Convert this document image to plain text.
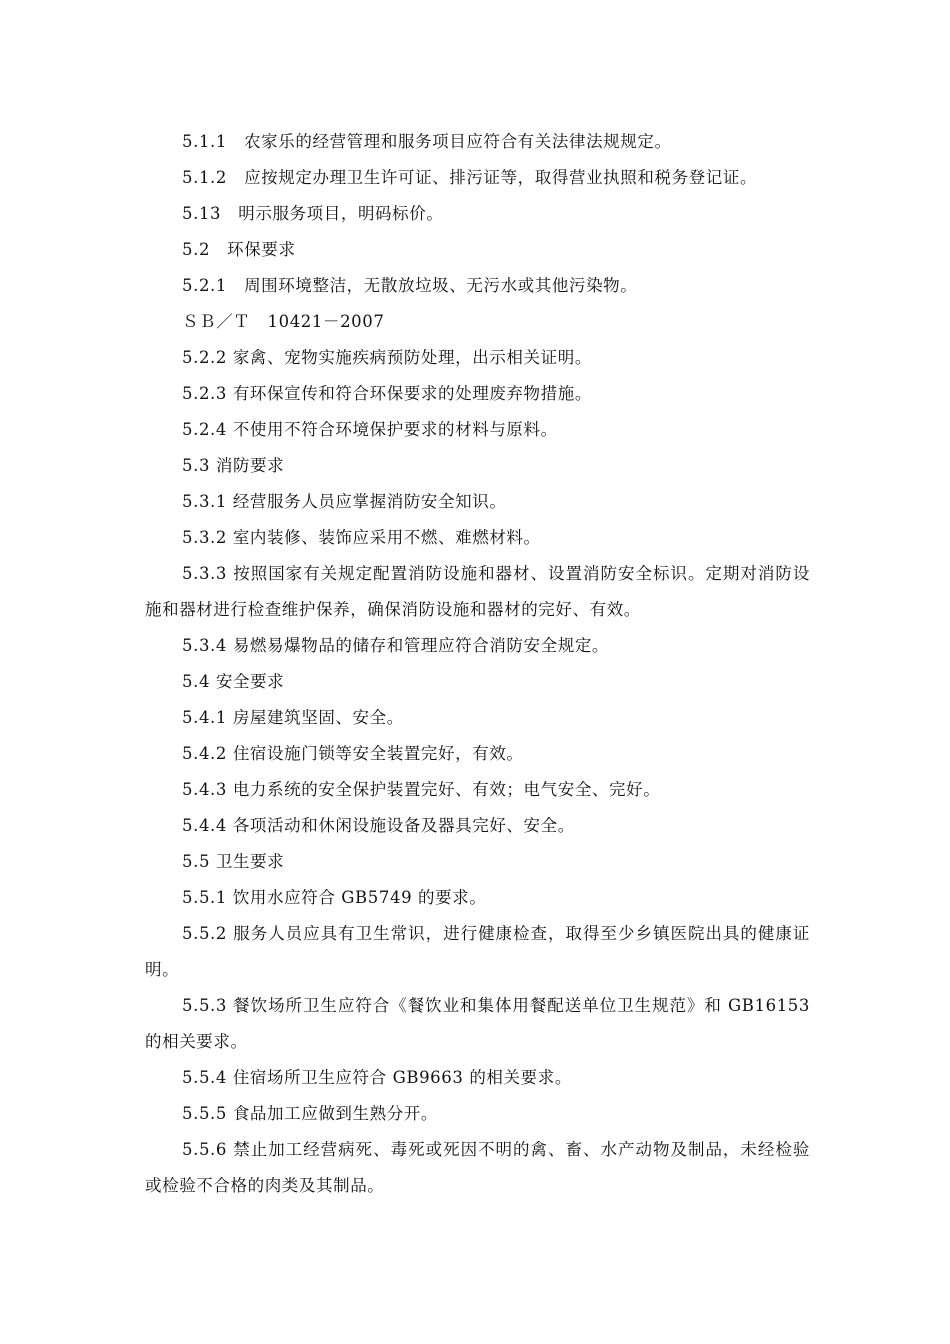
5.1.1　农家乐的经营管理和服务项目应符合有关法律法规规定。

5.1.2　应按规定办理卫生许可证、排污证等，取得营业执照和税务登记证。

5.13　明示服务项目，明码标价。

5.2　环保要求

5.2.1　周围环境整洁，无散放垃圾、无污水或其他污染物。

ＳＢ／Ｔ　10421－2007

5.2.2 家禽、宠物实施疾病预防处理，出示相关证明。

5.2.3 有环保宣传和符合环保要求的处理废弃物措施。

5.2.4 不使用不符合环境保护要求的材料与原料。

5.3 消防要求

5.3.1 经营服务人员应掌握消防安全知识。

5.3.2 室内装修、装饰应采用不燃、难燃材料。

5.3.3 按照国家有关规定配置消防设施和器材、设置消防安全标识。定期对消防设施和器材进行检查维护保养，确保消防设施和器材的完好、有效。

5.3.4 易燃易爆物品的储存和管理应符合消防安全规定。

5.4 安全要求

5.4.1 房屋建筑坚固、安全。

5.4.2 住宿设施门锁等安全装置完好，有效。

5.4.3 电力系统的安全保护装置完好、有效；电气安全、完好。

5.4.4 各项活动和休闲设施设备及器具完好、安全。

5.5 卫生要求

5.5.1 饮用水应符合 GB5749 的要求。

5.5.2 服务人员应具有卫生常识，进行健康检查，取得至少乡镇医院出具的健康证明。

5.5.3 餐饮场所卫生应符合《餐饮业和集体用餐配送单位卫生规范》和 GB16153 的相关要求。

5.5.4 住宿场所卫生应符合 GB9663 的相关要求。

5.5.5 食品加工应做到生熟分开。

5.5.6 禁止加工经营病死、毒死或死因不明的禽、畜、水产动物及制品，未经检验或检验不合格的肉类及其制品。
